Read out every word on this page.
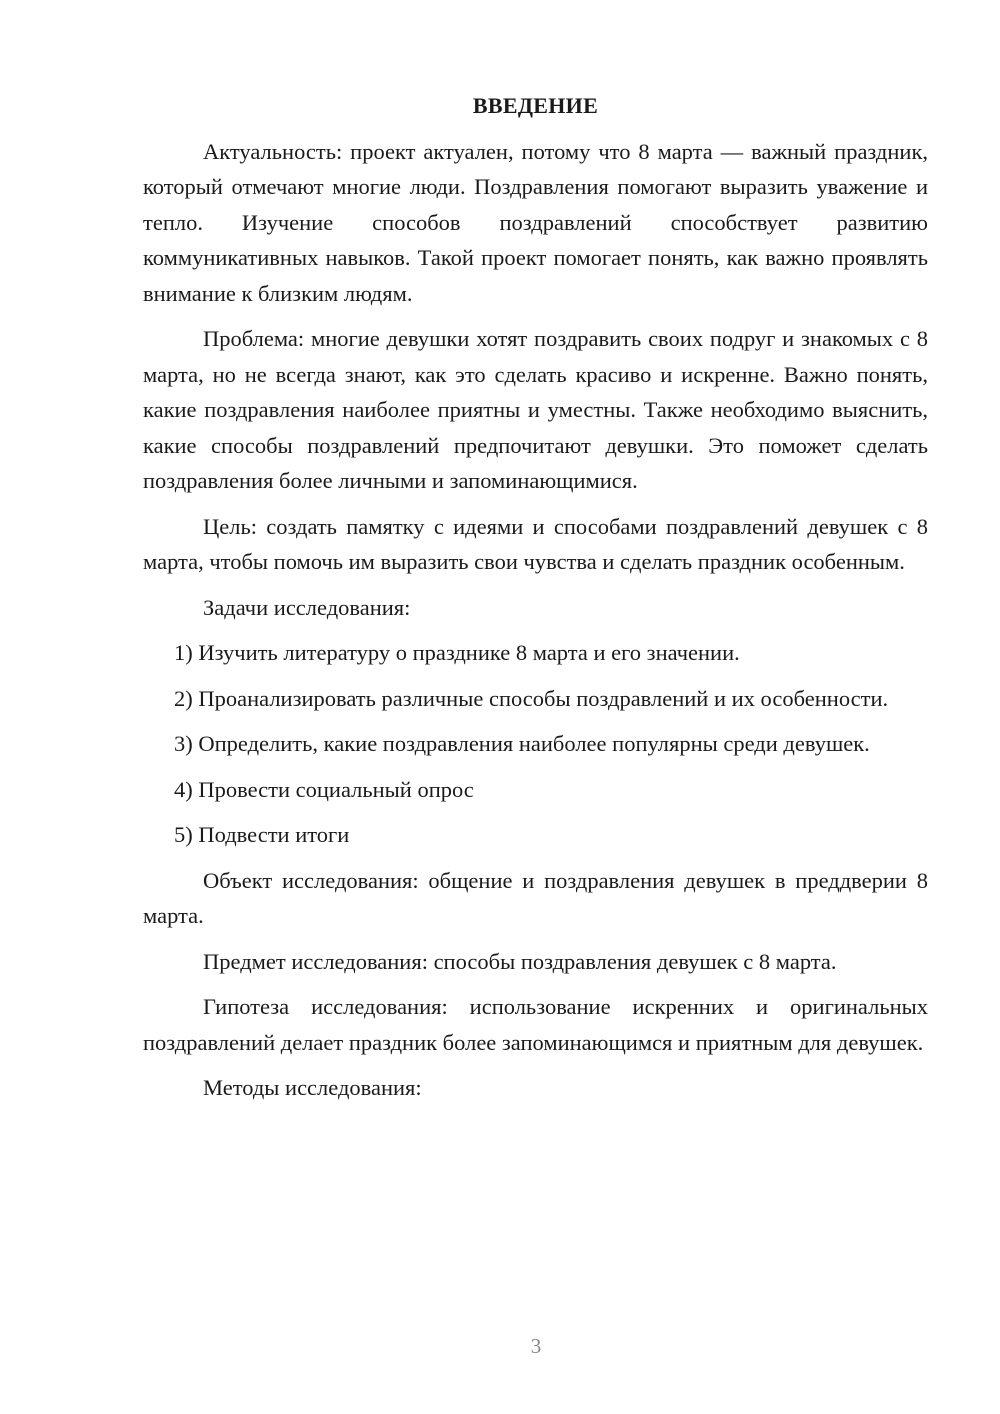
ВВЕДЕНИЕ

Актуальность: проект актуален, потому что 8 марта — важный праздник, который отмечают многие люди. Поздравления помогают выразить уважение и тепло. Изучение способов поздравлений способствует развитию коммуникативных навыков. Такой проект помогает понять, как важно проявлять внимание к близким людям.

Проблема: многие девушки хотят поздравить своих подруг и знакомых с 8 марта, но не всегда знают, как это сделать красиво и искренне. Важно понять, какие поздравления наиболее приятны и уместны. Также необходимо выяснить, какие способы поздравлений предпочитают девушки. Это поможет сделать поздравления более личными и запоминающимися.

Цель: создать памятку с идеями и способами поздравлений девушек с 8 марта, чтобы помочь им выразить свои чувства и сделать праздник особенным.

Задачи исследования:

1) Изучить литературу о празднике 8 марта и его значении.

2) Проанализировать различные способы поздравлений и их особенности.

3) Определить, какие поздравления наиболее популярны среди девушек.

4) Провести социальный опрос

5) Подвести итоги

Объект исследования: общение и поздравления девушек в преддверии 8 марта.

Предмет исследования: способы поздравления девушек с 8 марта.

Гипотеза исследования: использование искренних и оригинальных поздравлений делает праздник более запоминающимся и приятным для девушек.

Методы исследования:

3
